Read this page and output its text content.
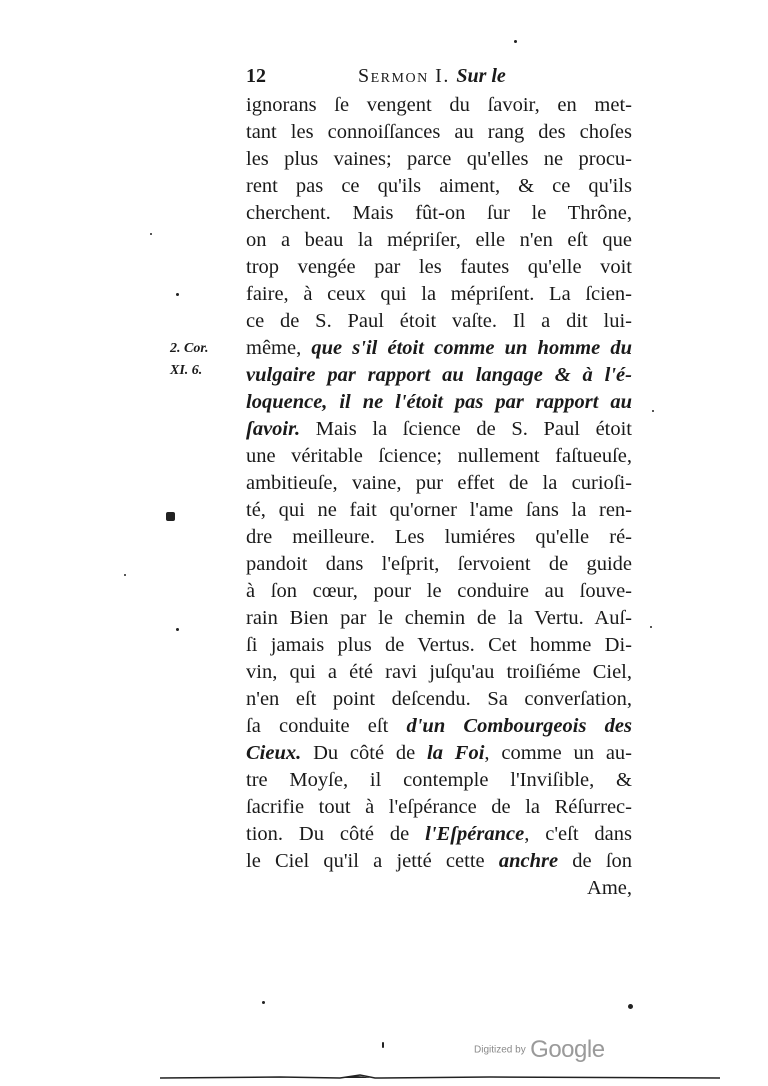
12	Sermon I. Sur le
2. Cor.
XI. 6.
ignorans ſe vengent du ſavoir, en met-
tant les connoiſſances au rang des choſes
les plus vaines; parce qu'elles ne procu-
rent pas ce qu'ils aiment, & ce qu'ils
cherchent. Mais fût-on ſur le Thrône,
on a beau la mépriſer, elle n'en eſt que
trop vengée par les fautes qu'elle voit
faire, à ceux qui la mépriſent. La ſcien-
ce de S. Paul étoit vaſte. Il a dit lui-
même, que s'il étoit comme un homme du
vulgaire par rapport au langage & à l'é-
loquence, il ne l'étoit pas par rapport au
ſavoir. Mais la ſcience de S. Paul étoit
une véritable ſcience; nullement faſtueuſe,
ambitieuſe, vaine, pur effet de la curioſi-
té, qui ne fait qu'orner l'ame ſans la ren-
dre meilleure. Les lumiéres qu'elle ré-
pandoit dans l'eſprit, ſervoient de guide
à ſon cœur, pour le conduire au ſouve-
rain Bien par le chemin de la Vertu. Auſ-
ſi jamais plus de Vertus. Cet homme Di-
vin, qui a été ravi juſqu'au troiſiéme Ciel,
n'en eſt point deſcendu. Sa converſation,
ſa conduite eſt d'un Combourgeois des
Cieux. Du côté de la Foi, comme un au-
tre Moyſe, il contemple l'Inviſible, &
ſacrifie tout à l'eſpérance de la Réſurrec-
tion. Du côté de l'Eſpérance, c'eſt dans
le Ciel qu'il a jetté cette anchre de ſon
Ame,
Digitized by Google
